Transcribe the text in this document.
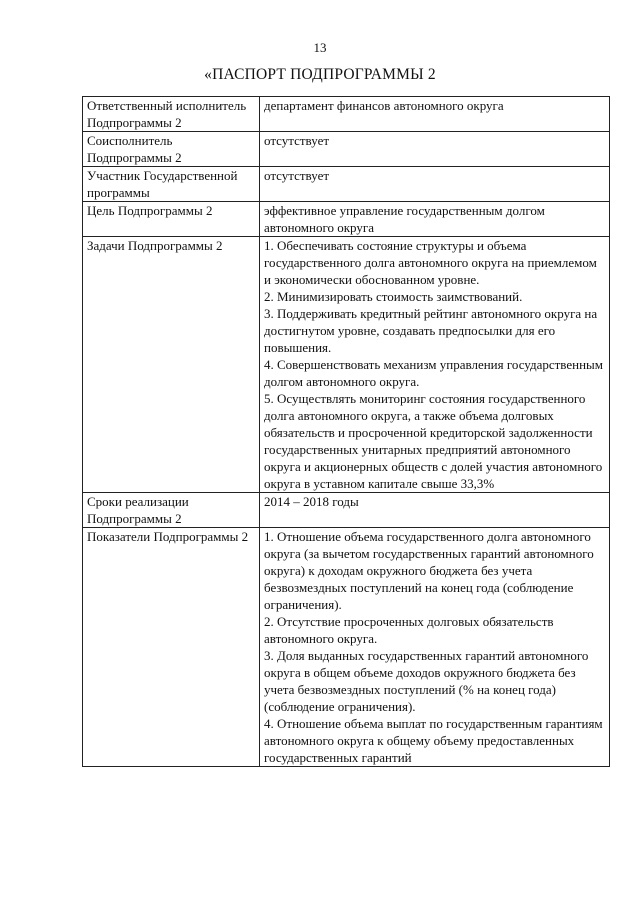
13
«ПАСПОРТ ПОДПРОГРАММЫ 2
Ответственный исполнитель Подпрограммы 2	департамент финансов автономного округа

Соисполнитель Подпрограммы 2	отсутствует

Участник Государственной программы	отсутствует

Цель Подпрограммы 2	эффективное управление государственным долгом автономного округа

Задачи Подпрограммы 2	1. Обеспечивать состояние структуры и объема государственного долга автономного округа на приемлемом и экономически обоснованном уровне.
2. Минимизировать стоимость заимствований.
3. Поддерживать кредитный рейтинг автономного округа на достигнутом уровне, создавать предпосылки для его повышения.
4. Совершенствовать механизм управления государственным долгом автономного округа.
5. Осуществлять мониторинг состояния государственного долга автономного округа, а также объема долговых обязательств и просроченной кредиторской задолженности государственных унитарных предприятий автономного округа и акционерных обществ с долей участия автономного округа в уставном капитале свыше 33,3%

Сроки реализации Подпрограммы 2	2014 – 2018 годы

Показатели Подпрограммы 2	1. Отношение объема государственного долга автономного округа (за вычетом государственных гарантий автономного округа) к доходам окружного бюджета без учета безвозмездных поступлений на конец года (соблюдение ограничения).
2. Отсутствие просроченных долговых обязательств автономного округа.
3. Доля выданных государственных гарантий автономного округа в общем объеме доходов окружного бюджета без учета безвозмездных поступлений (% на конец года) (соблюдение ограничения).
4. Отношение объема выплат по государственным гарантиям автономного округа к общему объему предоставленных государственных гарантий
